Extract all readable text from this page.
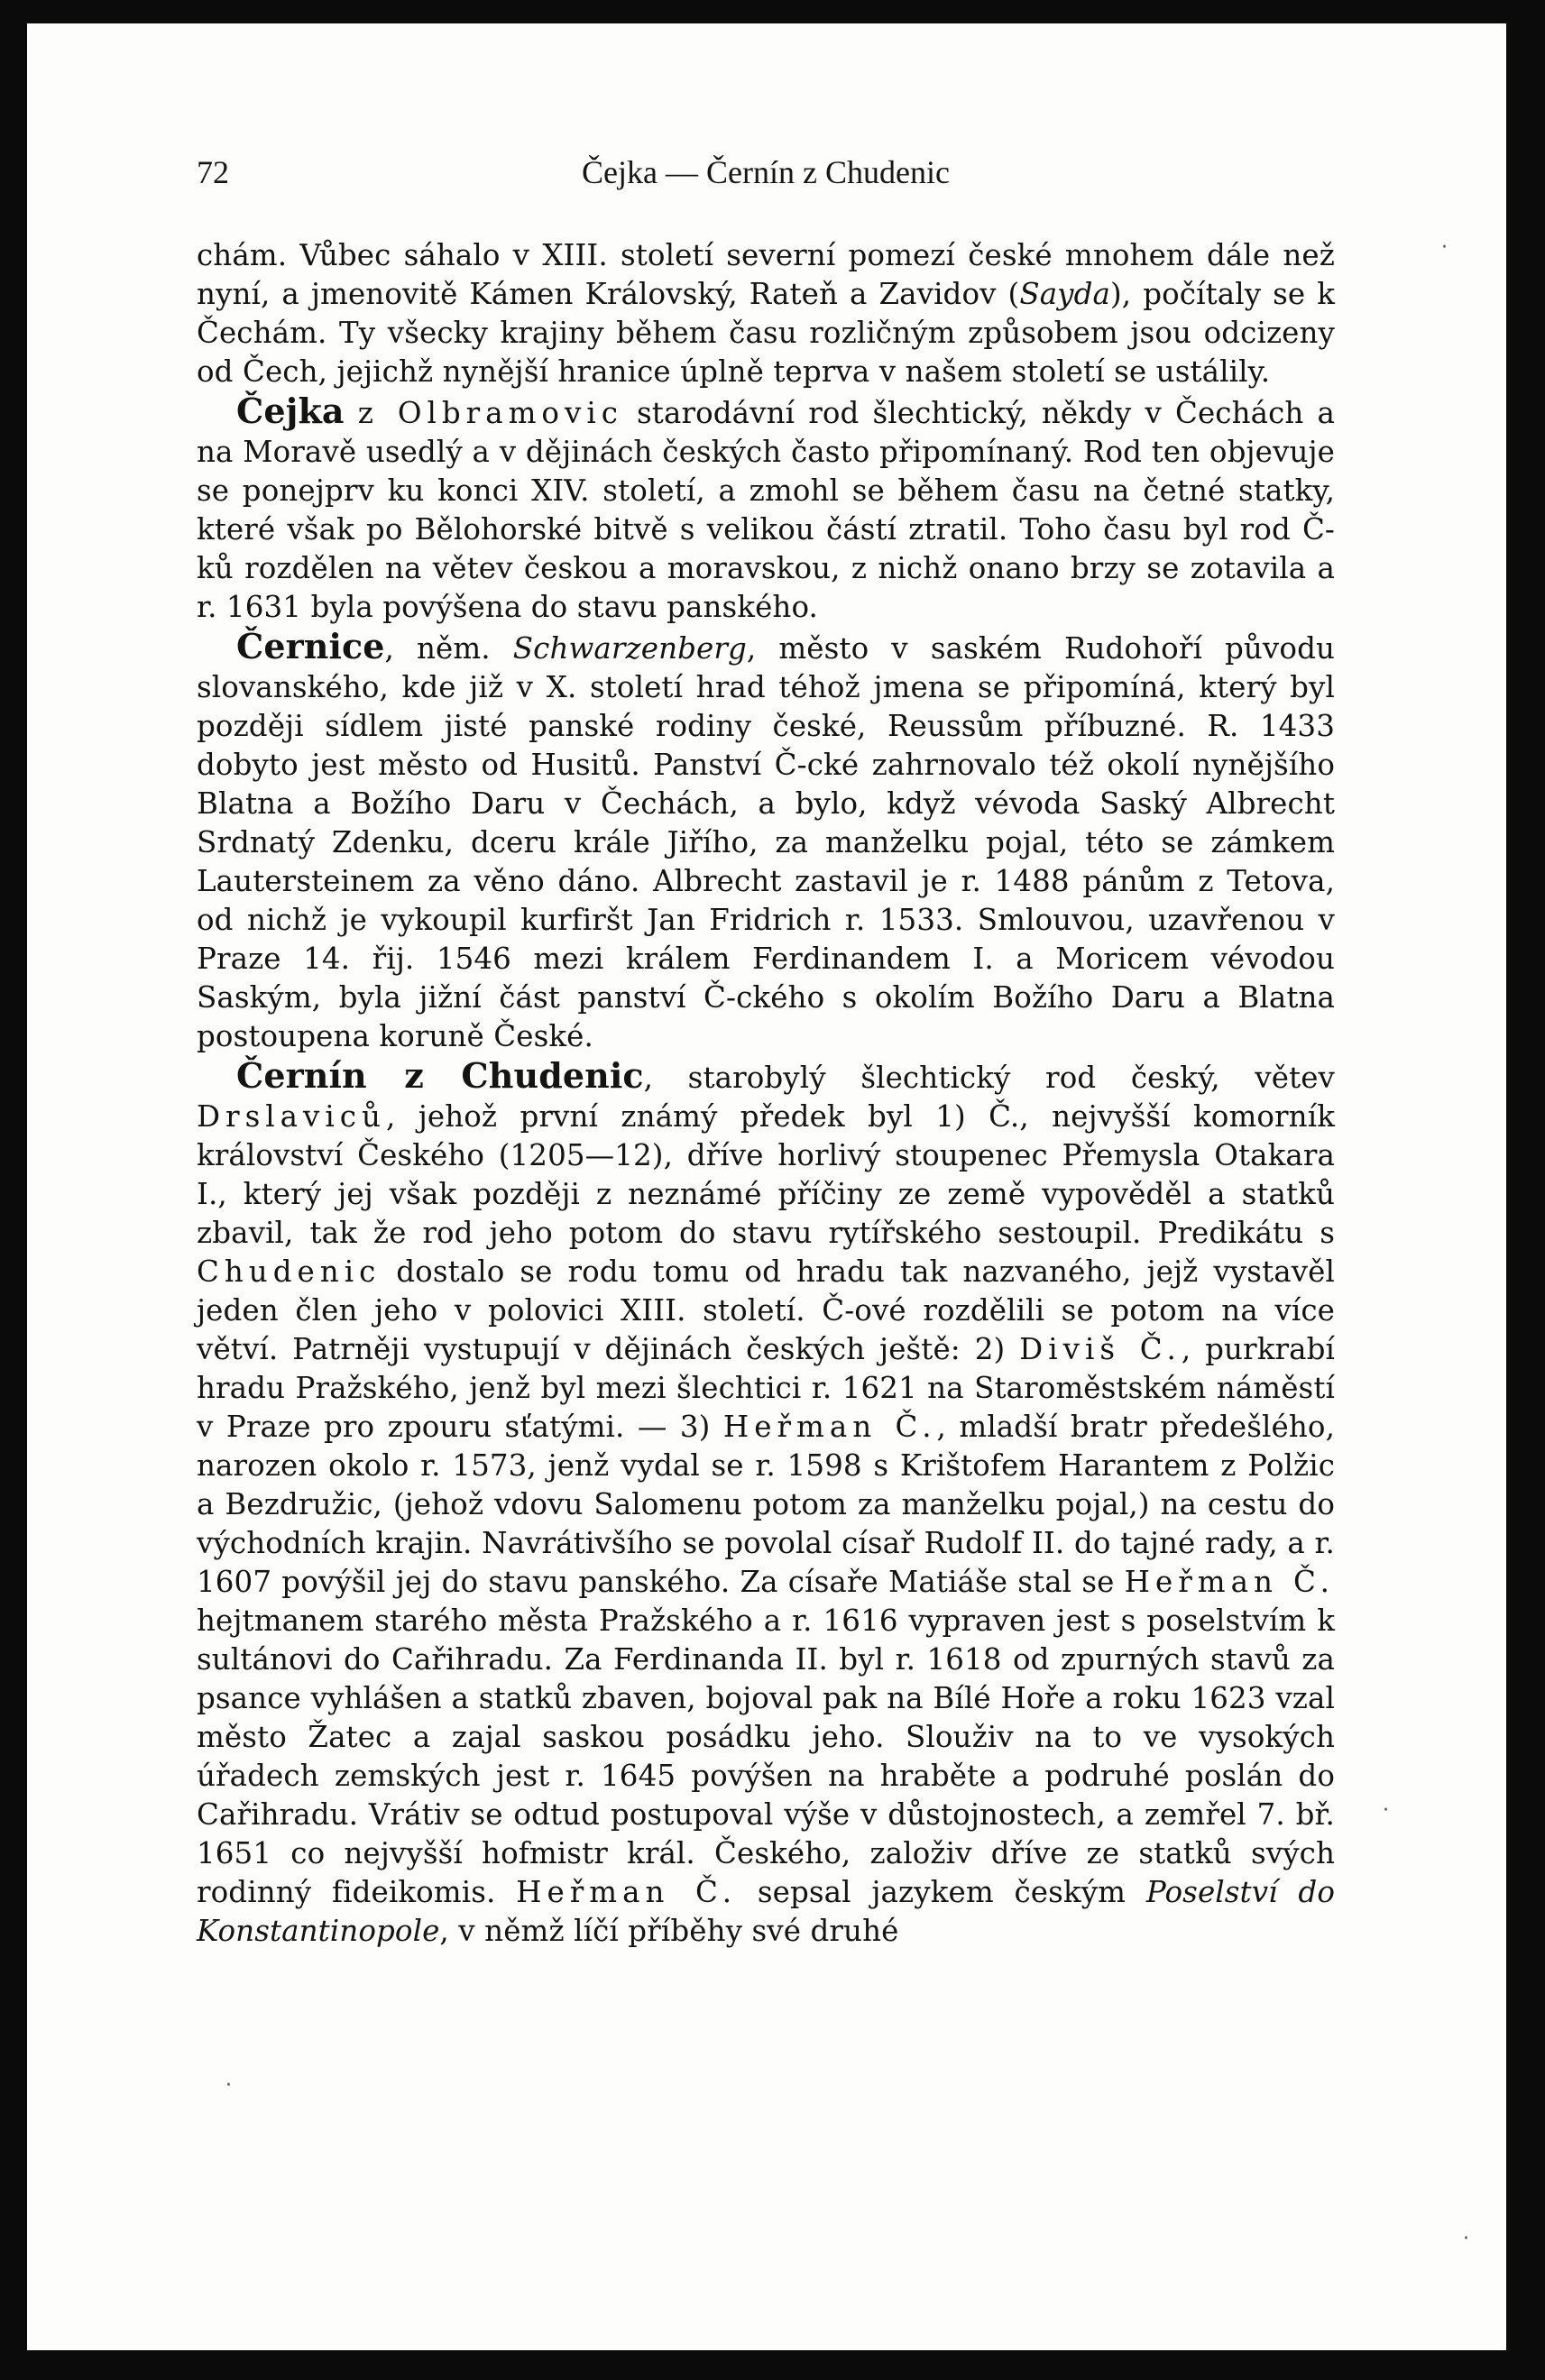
72	Čejka — Černín z Chudenic

chám. Vůbec sáhalo v XIII. století severní pomezí české mnohem dále než nyní, a jmenovitě Kámen Královský, Rateň a Zavidov (Sayda), počítaly se k Čechám. Ty všecky krajiny během času rozličným způsobem jsou odcizeny od Čech, jejichž nynější hranice úplně teprva v našem století se ustálily.

Čejka z Olbramovic starodávní rod šlechtický, někdy v Čechách a na Moravě usedlý a v dějinách českých často připomínaný. Rod ten objevuje se ponejprv ku konci XIV. století, a zmohl se během času na četné statky, které však po Bělohorské bitvě s velikou částí ztratil. Toho času byl rod Č-ků rozdělen na větev českou a moravskou, z nichž onano brzy se zotavila a r. 1631 byla povýšena do stavu panského.

Černice, něm. Schwarzenberg, město v saském Rudohoří původu slovanského, kde již v X. století hrad téhož jmena se připomíná, který byl později sídlem jisté panské rodiny české, Reussům příbuzné. R. 1433 dobyto jest město od Husitů. Panství Č-cké zahrnovalo též okolí nynějšího Blatna a Božího Daru v Čechách, a bylo, když vévoda Saský Albrecht Srdnatý Zdenku, dceru krále Jiřího, za manželku pojal, této se zámkem Lautersteinem za věno dáno. Albrecht zastavil je r. 1488 pánům z Tetova, od nichž je vykoupil kurfiršt Jan Fridrich r. 1533. Smlouvou, uzavřenou v Praze 14. řij. 1546 mezi králem Ferdinandem I. a Moricem vévodou Saským, byla jižní část panství Č-ckého s okolím Božího Daru a Blatna postoupena koruně České.

Černín z Chudenic, starobylý šlechtický rod český, větev Drslaviců, jehož první známý předek byl 1) Č., nejvyšší komorník království Českého (1205—12), dříve horlivý stoupenec Přemysla Otakara I., který jej však později z neznámé příčiny ze země vypověděl a statků zbavil, tak že rod jeho potom do stavu rytířského sestoupil. Predikátu s Chudenic dostalo se rodu tomu od hradu tak nazvaného, jejž vystavěl jeden člen jeho v polovici XIII. století. Č-ové rozdělili se potom na více větví. Patrněji vystupují v dějinách českých ještě: 2) Diviš Č., purkrabí hradu Pražského, jenž byl mezi šlechtici r. 1621 na Staroměstském náměstí v Praze pro zpouru sťatými. — 3) Heřman Č., mladší bratr předešlého, narozen okolo r. 1573, jenž vydal se r. 1598 s Krištofem Harantem z Polžic a Bezdružic, (jehož vdovu Salomenu potom za manželku pojal,) na cestu do východních krajin. Navrátivšího se povolal císař Rudolf II. do tajné rady, a r. 1607 povýšil jej do stavu panského. Za císaře Matiáše stal se Heřman Č. hejtmanem starého města Pražského a r. 1616 vypraven jest s poselstvím k sultánovi do Cařihradu. Za Ferdinanda II. byl r. 1618 od zpurných stavů za psance vyhlášen a statků zbaven, bojoval pak na Bílé Hoře a roku 1623 vzal město Žatec a zajal saskou posádku jeho. Slouživ na to ve vysokých úřadech zemských jest r. 1645 povýšen na hraběte a podruhé poslán do Cařihradu. Vrátiv se odtud postupoval výše v důstojnostech, a zemřel 7. bř. 1651 co nejvyšší hofmistr král. Českého, založiv dříve ze statků svých rodinný fideikomis. Heřman Č. sepsal jazykem českým Poselství do Konstantinopole, v němž líčí příběhy své druhé

·
·
·
·
